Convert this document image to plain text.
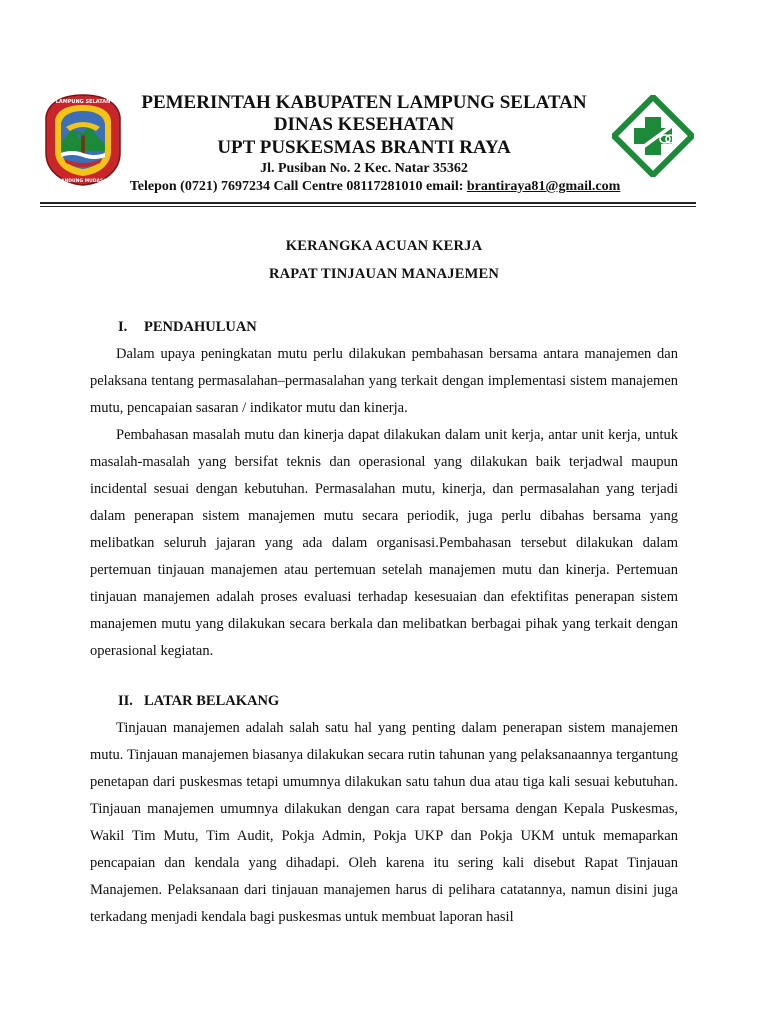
LAMPUNG SELATAN
BANDUNG MUDASIR
PEMERINTAH KABUPATEN LAMPUNG SELATAN
DINAS KESEHATAN
UPT PUSKESMAS BRANTI RAYA
Jl. Pusiban No. 2 Kec. Natar 35362
Telepon (0721) 7697234 Call Centre 08117281010 email: brantiraya81@gmail.com
KERANGKA ACUAN KERJA
RAPAT TINJAUAN MANAJEMEN
I. PENDAHULUAN

Dalam upaya peningkatan mutu perlu dilakukan pembahasan bersama antara manajemen dan pelaksana tentang permasalahan–permasalahan yang terkait dengan implementasi sistem manajemen mutu, pencapaian sasaran / indikator mutu dan kinerja.

Pembahasan masalah mutu dan kinerja dapat dilakukan dalam unit kerja, antar unit kerja, untuk masalah-masalah yang bersifat teknis dan operasional yang dilakukan baik terjadwal maupun incidental sesuai dengan kebutuhan. Permasalahan mutu, kinerja, dan permasalahan yang terjadi dalam penerapan sistem manajemen mutu secara periodik, juga perlu dibahas bersama yang melibatkan seluruh jajaran yang ada dalam organisasi.Pembahasan tersebut dilakukan dalam pertemuan tinjauan manajemen atau pertemuan setelah manajemen mutu dan kinerja. Pertemuan tinjauan manajemen adalah proses evaluasi terhadap kesesuaian dan efektifitas penerapan sistem manajemen mutu yang dilakukan secara berkala dan melibatkan berbagai pihak yang terkait dengan operasional kegiatan.

II. LATAR BELAKANG

Tinjauan manajemen adalah salah satu hal yang penting dalam penerapan sistem manajemen mutu. Tinjauan manajemen biasanya dilakukan secara rutin tahunan yang pelaksanaannya tergantung penetapan dari puskesmas tetapi umumnya dilakukan satu tahun dua atau tiga kali sesuai kebutuhan. Tinjauan manajemen umumnya dilakukan dengan cara rapat bersama dengan Kepala Puskesmas, Wakil Tim Mutu, Tim Audit, Pokja Admin, Pokja UKP dan Pokja UKM untuk memaparkan pencapaian dan kendala yang dihadapi. Oleh karena itu sering kali disebut Rapat Tinjauan Manajemen. Pelaksanaan dari tinjauan manajemen harus di pelihara catatannya, namun disini juga terkadang menjadi kendala bagi puskesmas untuk membuat laporan hasil
